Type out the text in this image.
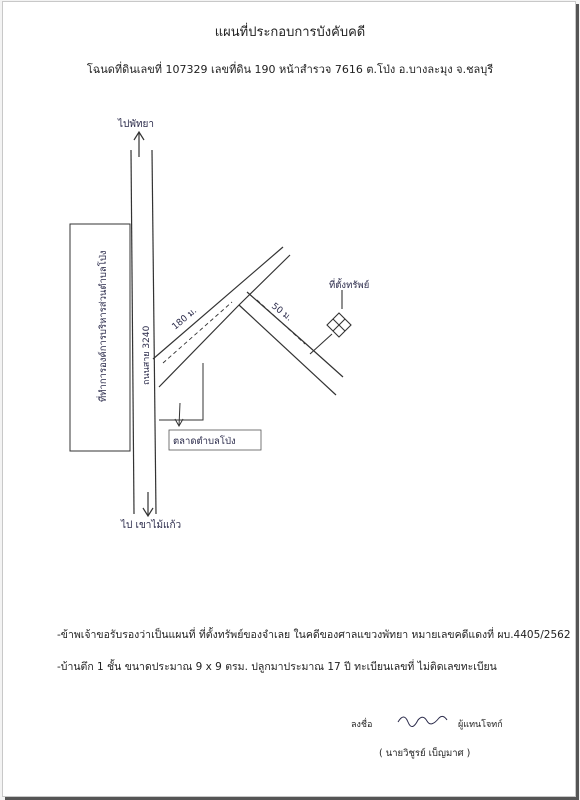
แผนที่ประกอบการบังคับคดี
โฉนดที่ดินเลขที่ 107329 เลขที่ดิน 190 หน้าสำรวจ 7616 ต.โป่ง อ.บางละมุง จ.ชลบุรี
ไปพัทยา
ไป เขาไม้แก้ว
ที่ทำการองค์การบริหารส่วนตำบลโป่ง	ถนนสาย 3240
ตลาดตำบลโป่ง
180 ม.	50 ม.
ที่ตั้งทรัพย์
-ข้าพเจ้าขอรับรองว่าเป็นแผนที่ ที่ตั้งทรัพย์ของจำเลย ในคดีของศาลแขวงพัทยา หมายเลขคดีแดงที่ ผบ.4405/2562
-บ้านตึก 1 ชั้น ขนาดประมาณ 9 x 9 ตรม. ปลูกมาประมาณ 17 ปี ทะเบียนเลขที่ ไม่ติดเลขทะเบียน
ลงชื่อ	ผู้แทนโจทก์
( นายวิชูรย์ เบ็ญมาศ )
